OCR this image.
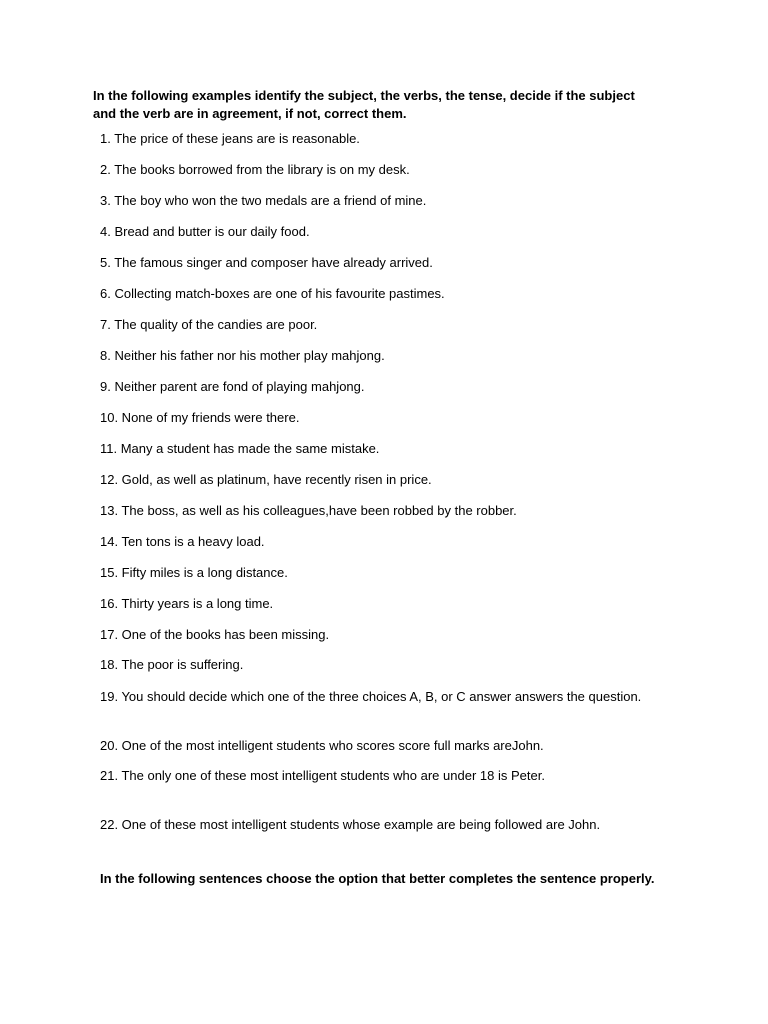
In the following examples identify the subject, the verbs, the tense, decide if the subject and the verb are in agreement, if not, correct them.

1. The price of these jeans are is reasonable.

2. The books borrowed from the library is on my desk.

3. The boy who won the two medals are a friend of mine.

4. Bread and butter is our daily food.

5. The famous singer and composer have already arrived.

6. Collecting match-boxes are one of his favourite pastimes.

7. The quality of the candies are poor.

8. Neither his father nor his mother play mahjong.

9. Neither parent are fond of playing mahjong.

10. None of my friends were there.

11. Many a student has made the same mistake.

12. Gold, as well as platinum, have recently risen in price.

13. The boss, as well as his colleagues,have been robbed by the robber.

14. Ten tons is a heavy load.

15. Fifty miles is a long distance.

16. Thirty years is a long time.

17. One of the books has been missing.

18. The poor is suffering.

19. You should decide which one of the three choices A, B, or C answer answers the question.

20. One of the most intelligent students who scores score full marks areJohn.

21. The only one of these most intelligent students who are under 18 is Peter.

22. One of these most intelligent students whose example are being followed are John.

In the following sentences choose the option that better completes the sentence properly.
